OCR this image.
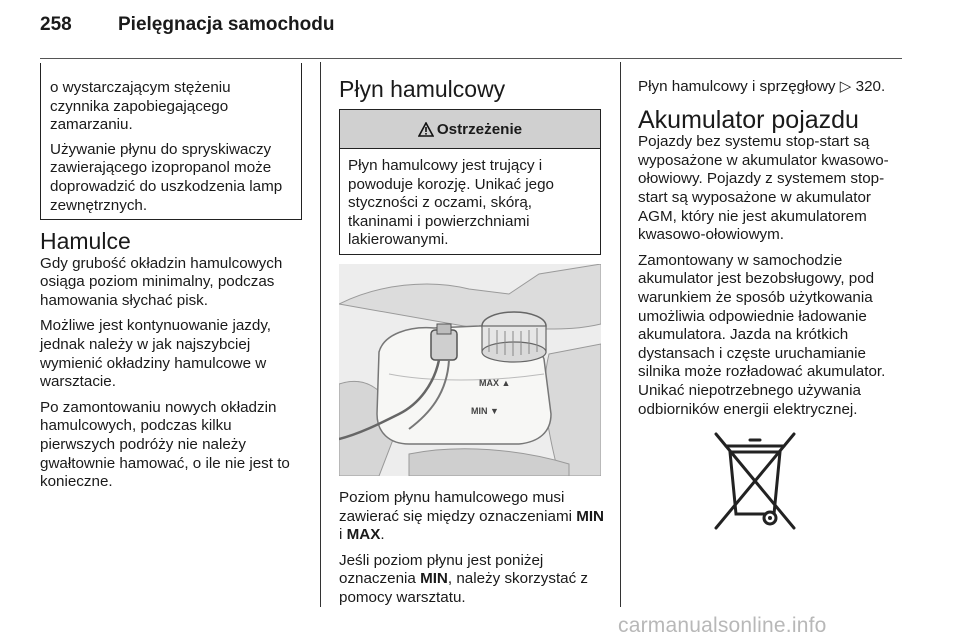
258 Pielęgnacja samochodu

o wystarczającym stężeniu czynnika zapobiegającego zamarzaniu.

Używanie płynu do spryskiwaczy zawierającego izopropanol może doprowadzić do uszkodzenia lamp zewnętrznych.

Hamulce

Gdy grubość okładzin hamulcowych osiąga poziom minimalny, podczas hamowania słychać pisk.

Możliwe jest kontynuowanie jazdy, jednak należy w jak najszybciej wymienić okładziny hamulcowe w warsztacie.

Po zamontowaniu nowych okładzin hamulcowych, podczas kilku pierwszych podróży nie należy gwałtownie hamować, o ile nie jest to konieczne.

Płyn hamulcowy
Ostrzeżenie
Płyn hamulcowy jest trujący i powoduje korozję. Unikać jego styczności z oczami, skórą, tkaninami i powierzchniami lakierowanymi.
MAX ▲
MIN ▼

Poziom płynu hamulcowego musi zawierać się między oznaczeniami MIN i MAX.

Jeśli poziom płynu jest poniżej oznaczenia MIN, należy skorzystać z pomocy warsztatu.

Płyn hamulcowy i sprzęgłowy ▷ 320.

Akumulator pojazdu

Pojazdy bez systemu stop-start są wyposażone w akumulator kwasowo-ołowiowy. Pojazdy z systemem stop-start są wyposażone w akumulator AGM, który nie jest akumulatorem kwasowo-ołowiowym.

Zamontowany w samochodzie akumulator jest bezobsługowy, pod warunkiem że sposób użytkowania umożliwia odpowiednie ładowanie akumulatora. Jazda na krótkich dystansach i częste uruchamianie silnika może rozładować akumulator. Unikać niepotrzebnego używania odbiorników energii elektrycznej.

carmanualsonline.info
